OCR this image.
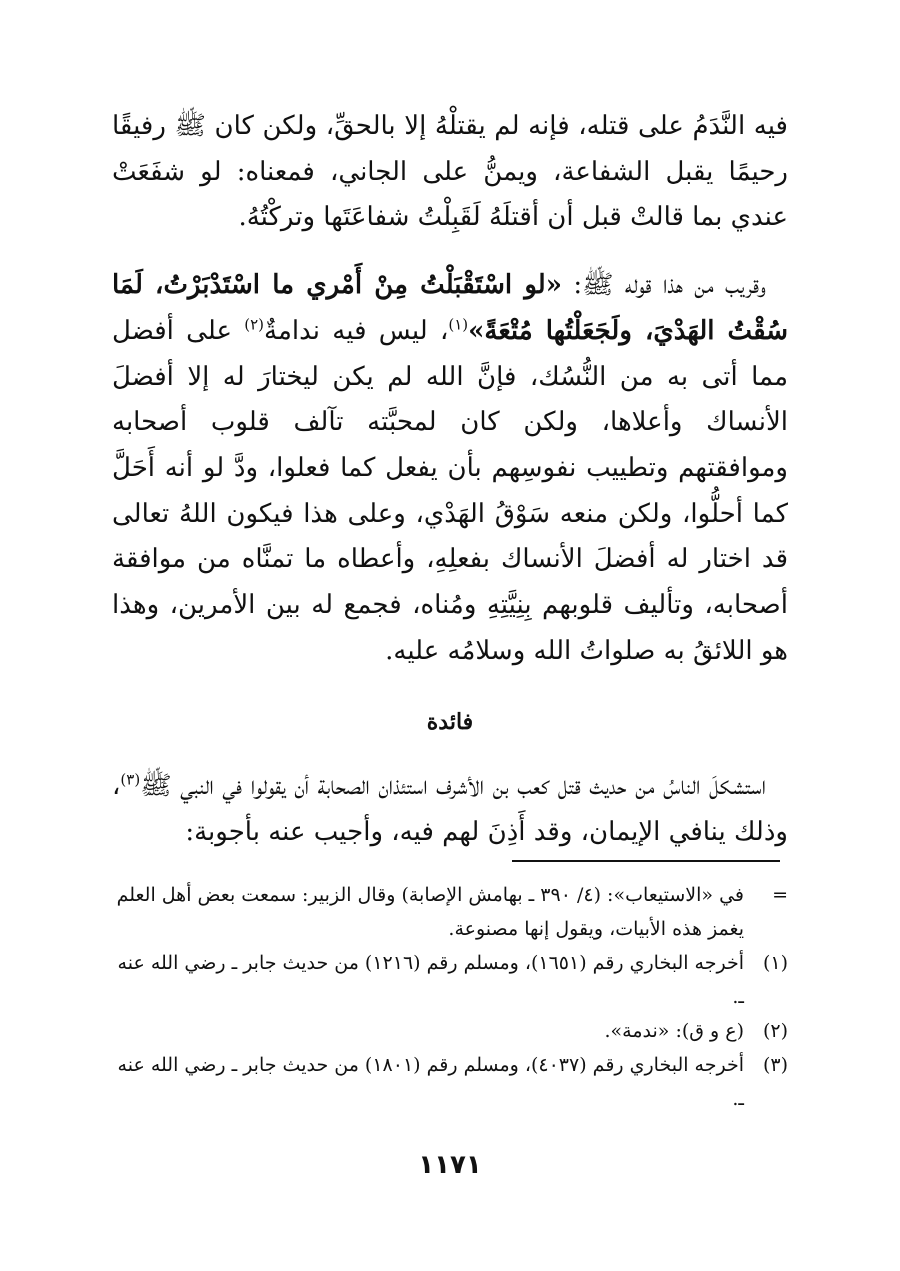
فيه النَّدَمُ على قتله، فإنه لم يقتلْهُ إلا بالحقِّ، ولكن كان ﷺ رفيقًا رحيمًا يقبل الشفاعة، ويمنُّ على الجاني، فمعناه: لو شفَعَتْ عندي بما قالتْ قبل أن أقتلَهُ لَقَبِلْتُ شفاعَتَها وتركْتُهُ.

وقريب من هذا قوله ﷺ: «لو اسْتَقْبَلْتُ مِنْ أَمْري ما اسْتَدْبَرْتُ، لَمَا سُقْتُ الهَدْيَ، ولَجَعَلْتُها مُتْعَةً»$^{(١)}$، ليس فيه ندامةٌ$^{(٢)}$ على أفضل مما أتى به من النُّسُك، فإنَّ الله لم يكن ليختارَ له إلا أفضلَ الأنساك وأعلاها، ولكن كان لمحبَّته تآلف قلوب أصحابه وموافقتهم وتطييب نفوسِهم بأن يفعل كما فعلوا، ودَّ لو أنه أَحَلَّ كما أحلُّوا، ولكن منعه سَوْقُ الهَدْي، وعلى هذا فيكون اللهُ تعالى قد اختار له أفضلَ الأنساك بفعلِهِ، وأعطاه ما تمنَّاه من موافقة أصحابه، وتأليف قلوبهم بِنِيَّتِهِ ومُناه، فجمع له بين الأمرين، وهذا هو اللائقُ به صلواتُ الله وسلامُه عليه.

فائدة

استشكلَ الناسُ من حديث قتل كعب بن الأشرف استئذان الصحابة أن يقولوا في النبي ﷺ$^{(٣)}$، وذلك ينافي الإيمان، وقد أَذِنَ لهم فيه، وأجيب عنه بأجوبة:

=
في «الاستيعاب»: (٤/ ٣٩٠ ـ بهامش الإصابة) وقال الزبير: سمعت بعض أهل العلم يغمز هذه الأبيات، ويقول إنها مصنوعة.
(١)
أخرجه البخاري رقم (١٦٥١)، ومسلم رقم (١٢١٦) من حديث جابر ـ رضي الله عنه ـ.
(٢)
(ع و ق): «ندمة».
(٣)
أخرجه البخاري رقم (٤٠٣٧)، ومسلم رقم (١٨٠١) من حديث جابر ـ رضي الله عنه ـ.
١١٧١
